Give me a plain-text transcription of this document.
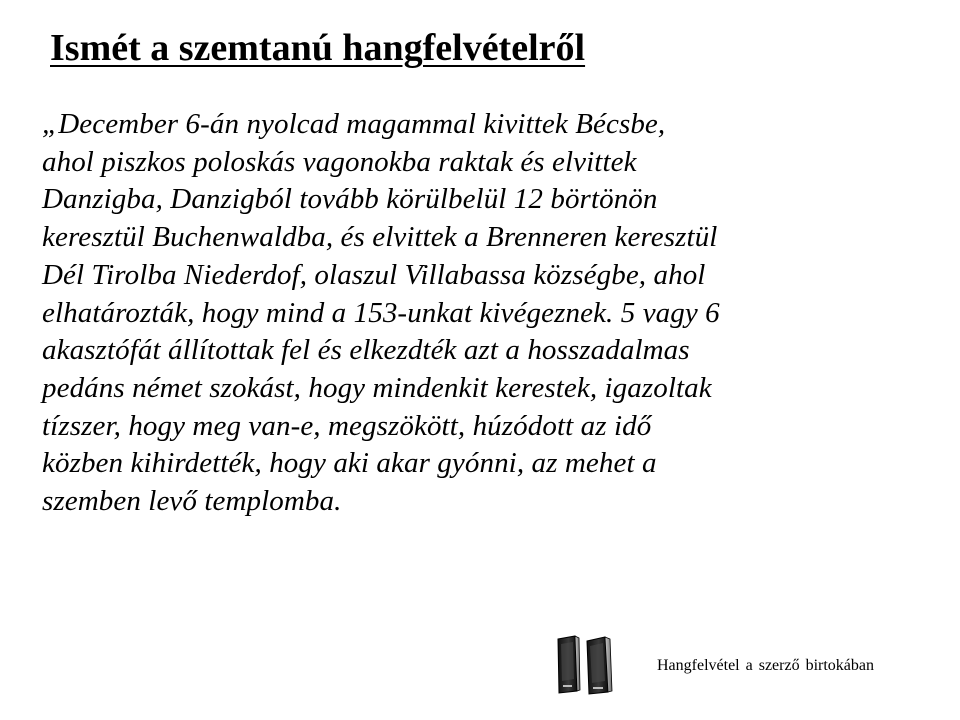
Ismét a szemtanú hangfelvételről
„December 6-án nyolcad magammal kivittek Bécsbe,
ahol piszkos poloskás vagonokba raktak és elvittek
Danzigba, Danzigból tovább körülbelül 12 börtönön
keresztül Buchenwaldba, és elvittek a Brenneren keresztül
Dél Tirolba Niederdof, olaszul Villabassa községbe, ahol
elhatározták, hogy mind a 153-unkat kivégeznek. 5 vagy 6
akasztófát állítottak fel és elkezdték azt a hosszadalmas
pedáns német szokást, hogy mindenkit kerestek, igazoltak
tízszer, hogy meg van-e, megszökött, húzódott az idő
közben kihirdették, hogy aki akar gyónni, az mehet a
szemben levő templomba.
Hangfelvétel a szerző birtokában
